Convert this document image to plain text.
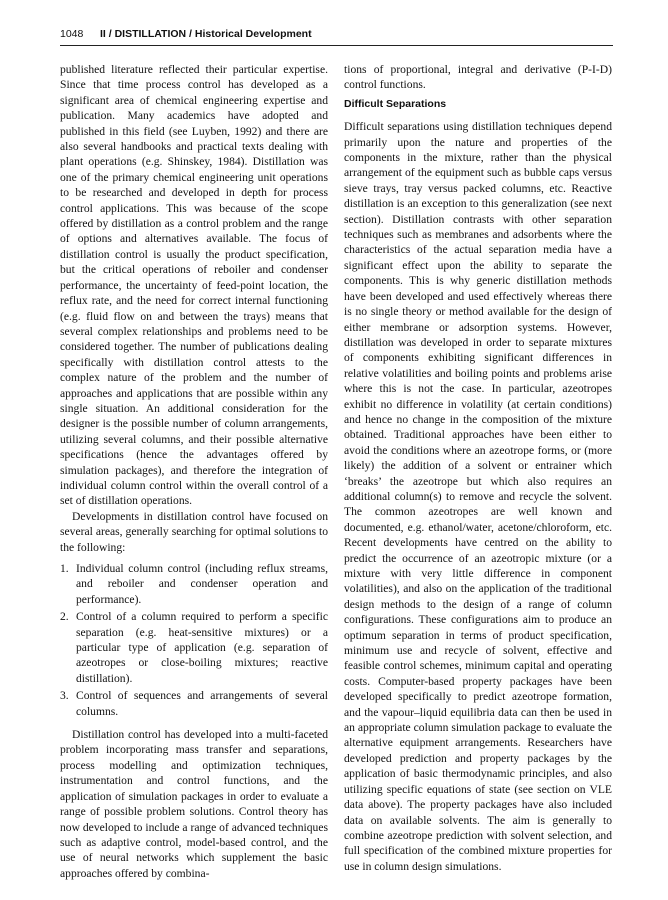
1048 II / DISTILLATION / Historical Development

published literature reflected their particular expertise. Since that time process control has developed as a significant area of chemical engineering expertise and publication. Many academics have adopted and published in this field (see Luyben, 1992) and there are also several handbooks and practical texts dealing with plant operations (e.g. Shinskey, 1984). Distillation was one of the primary chemical engineering unit operations to be researched and developed in depth for process control applications. This was because of the scope offered by distillation as a control problem and the range of options and alternatives available. The focus of distillation control is usually the product specification, but the critical operations of reboiler and condenser performance, the uncertainty of feed-point location, the reflux rate, and the need for correct internal functioning (e.g. fluid flow on and between the trays) means that several complex relationships and problems need to be considered together. The number of publications dealing specifically with distillation control attests to the complex nature of the problem and the number of approaches and applications that are possible within any single situation. An additional consideration for the designer is the possible number of column arrangements, utilizing several columns, and their possible alternative specifications (hence the advantages offered by simulation packages), and therefore the integration of individual column control within the overall control of a set of distillation operations.

Developments in distillation control have focused on several areas, generally searching for optimal solutions to the following:

1. Individual column control (including reflux streams, and reboiler and condenser operation and performance).
2. Control of a column required to perform a specific separation (e.g. heat-sensitive mixtures) or a particular type of application (e.g. separation of azeotropes or close-boiling mixtures; reactive distillation).
3. Control of sequences and arrangements of several columns.

Distillation control has developed into a multi-faceted problem incorporating mass transfer and separations, process modelling and optimization techniques, instrumentation and control functions, and the application of simulation packages in order to evaluate a range of possible problem solutions. Control theory has now developed to include a range of advanced techniques such as adaptive control, model-based control, and the use of neural networks which supplement the basic approaches offered by combina-

tions of proportional, integral and derivative (P-I-D) control functions.

Difficult Separations

Difficult separations using distillation techniques depend primarily upon the nature and properties of the components in the mixture, rather than the physical arrangement of the equipment such as bubble caps versus sieve trays, tray versus packed columns, etc. Reactive distillation is an exception to this generalization (see next section). Distillation contrasts with other separation techniques such as membranes and adsorbents where the characteristics of the actual separation media have a significant effect upon the ability to separate the components. This is why generic distillation methods have been developed and used effectively whereas there is no single theory or method available for the design of either membrane or adsorption systems. However, distillation was developed in order to separate mixtures of components exhibiting significant differences in relative volatilities and boiling points and problems arise where this is not the case. In particular, azeotropes exhibit no difference in volatility (at certain conditions) and hence no change in the composition of the mixture obtained. Traditional approaches have been either to avoid the conditions where an azeotrope forms, or (more likely) the addition of a solvent or entrainer which ‘breaks’ the azeotrope but which also requires an additional column(s) to remove and recycle the solvent. The common azeotropes are well known and documented, e.g. ethanol/water, acetone/chloroform, etc. Recent developments have centred on the ability to predict the occurrence of an azeotropic mixture (or a mixture with very little difference in component volatilities), and also on the application of the traditional design methods to the design of a range of column configurations. These configurations aim to produce an optimum separation in terms of product specification, minimum use and recycle of solvent, effective and feasible control schemes, minimum capital and operating costs. Computer-based property packages have been developed specifically to predict azeotrope formation, and the vapour–liquid equilibria data can then be used in an appropriate column simulation package to evaluate the alternative equipment arrangements. Researchers have developed prediction and property packages by the application of basic thermodynamic principles, and also utilizing specific equations of state (see section on VLE data above). The property packages have also included data on available solvents. The aim is generally to combine azeotrope prediction with solvent selection, and full specification of the combined mixture properties for use in column design simulations.
